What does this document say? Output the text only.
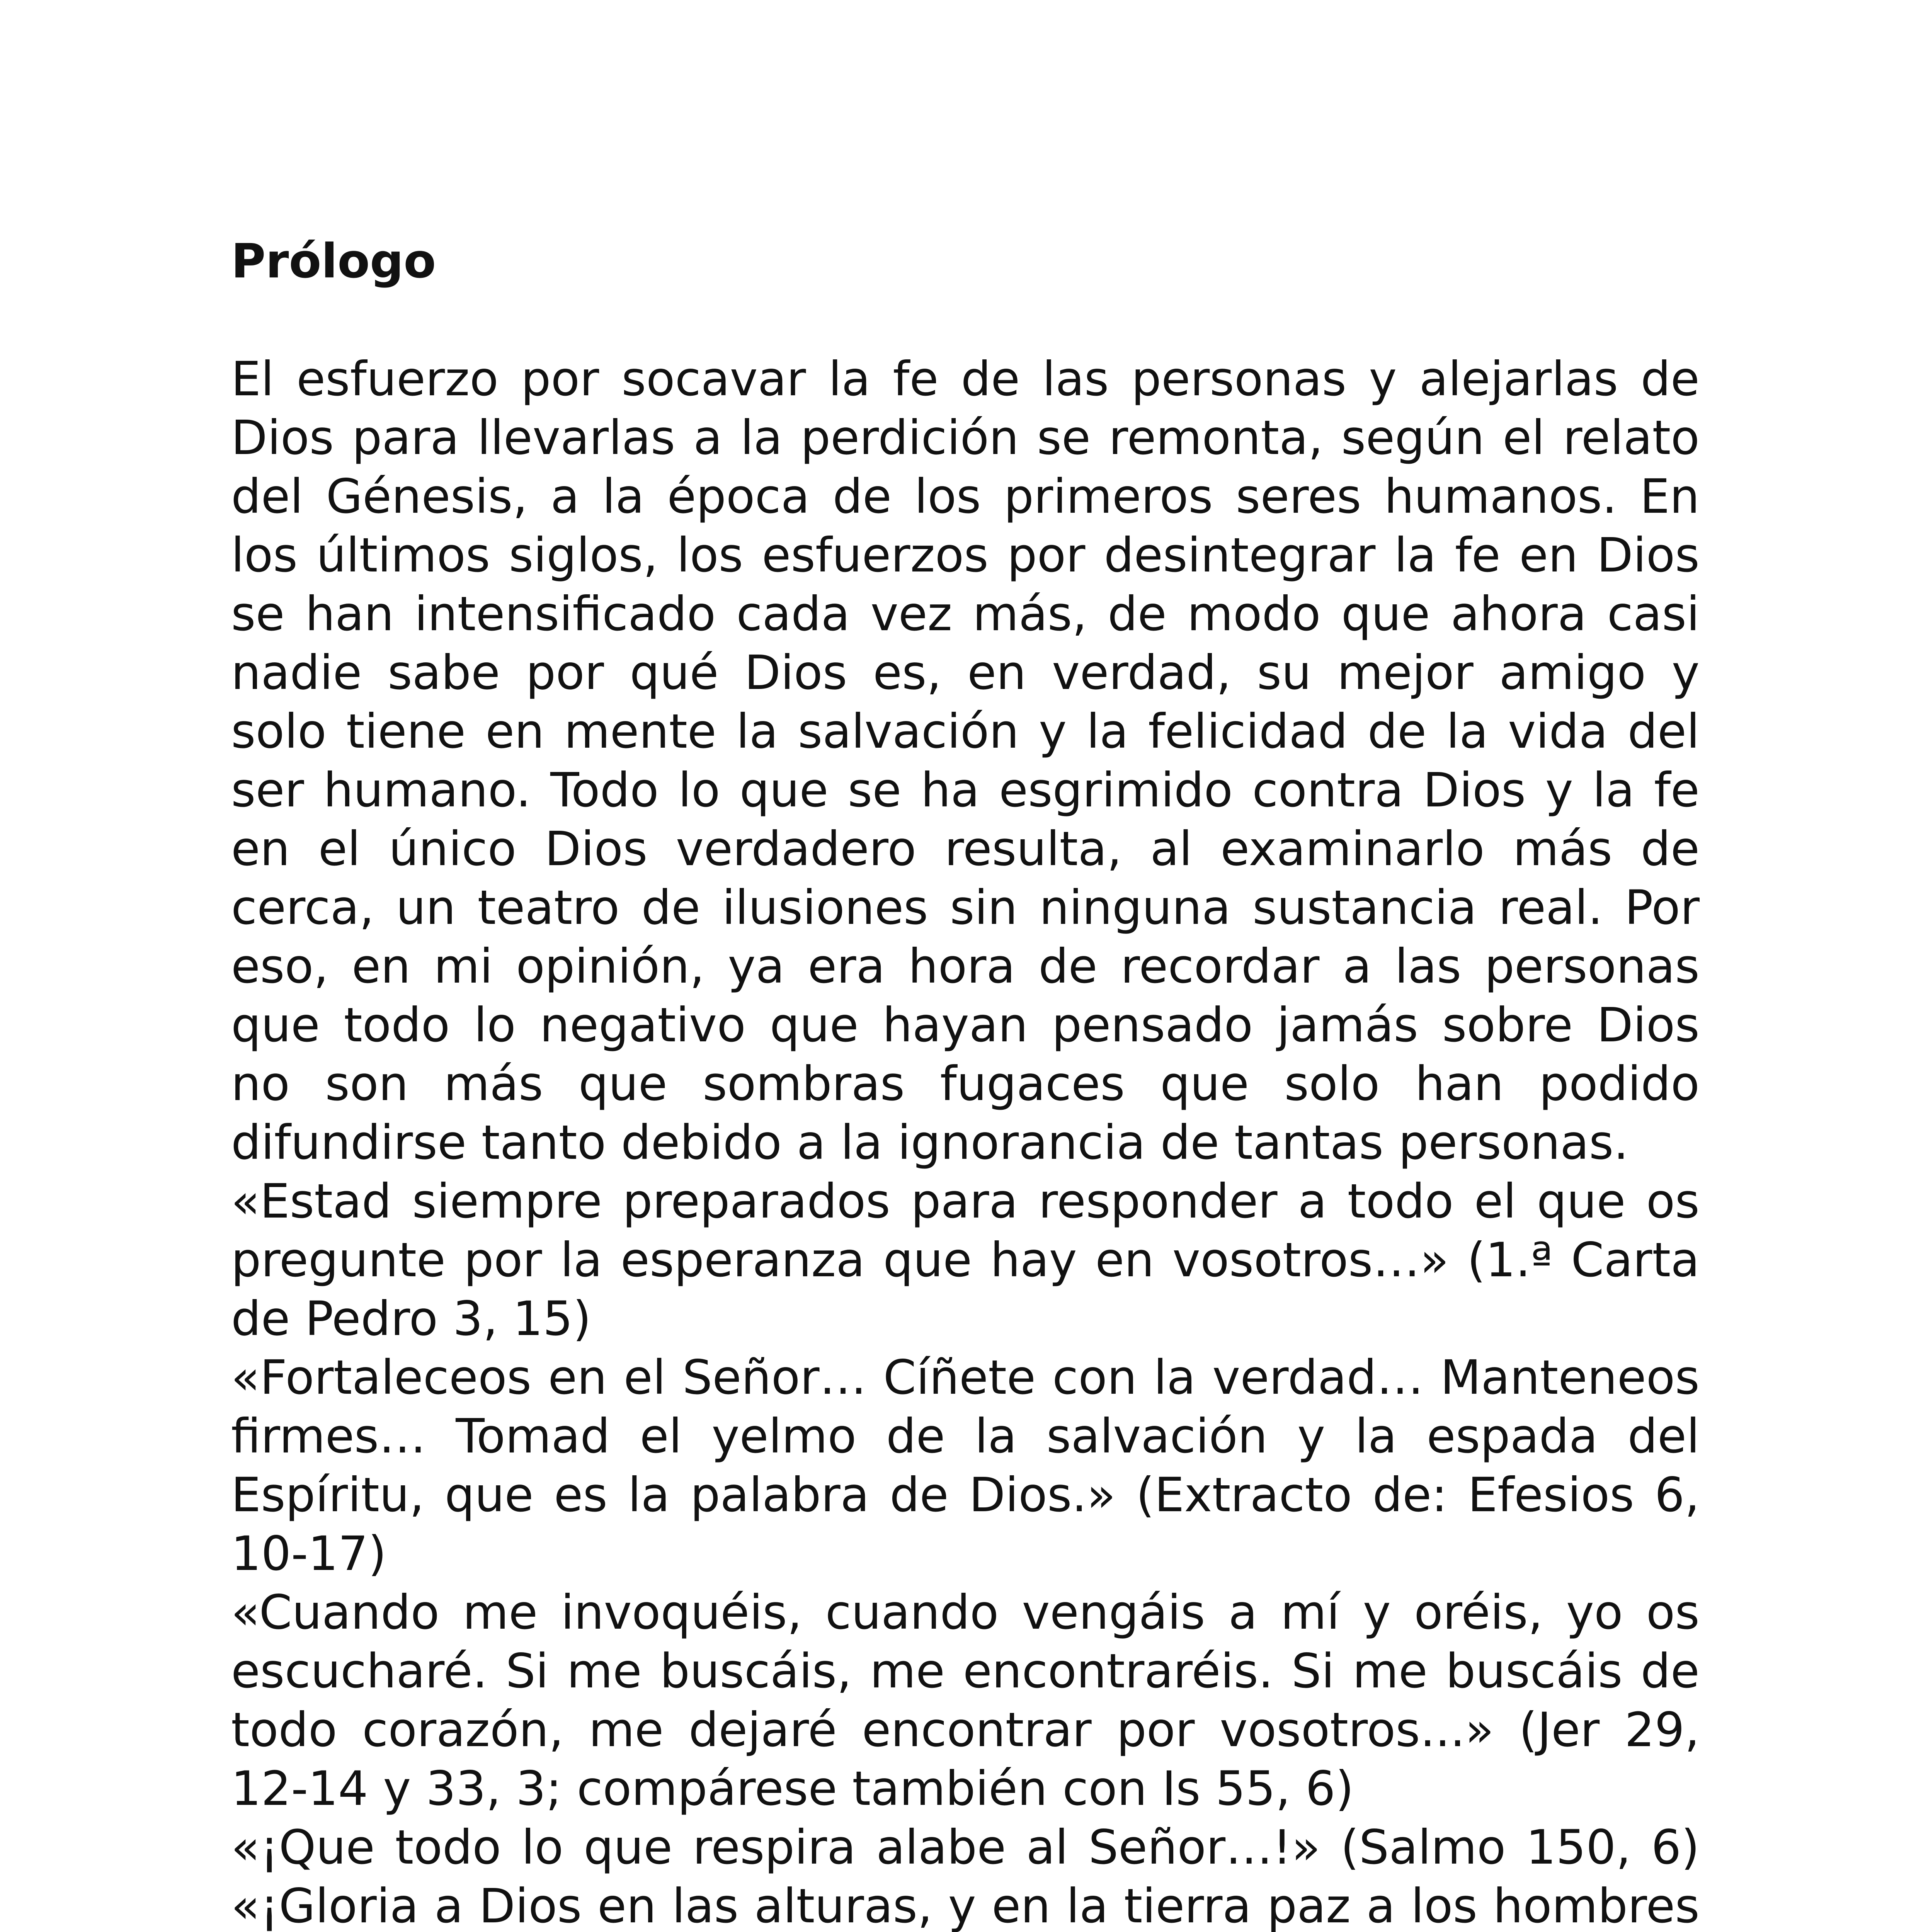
Prólogo
El esfuerzo por socavar la fe de las personas y alejarlas de
Dios para llevarlas a la perdición se remonta, según el relato
del Génesis, a la época de los primeros seres humanos. En
los últimos siglos, los esfuerzos por desintegrar la fe en Dios
se han intensificado cada vez más, de modo que ahora casi
nadie sabe por qué Dios es, en verdad, su mejor amigo y
solo tiene en mente la salvación y la felicidad de la vida del
ser humano. Todo lo que se ha esgrimido contra Dios y la fe
en el único Dios verdadero resulta, al examinarlo más de
cerca, un teatro de ilusiones sin ninguna sustancia real. Por
eso, en mi opinión, ya era hora de recordar a las personas
que todo lo negativo que hayan pensado jamás sobre Dios
no son más que sombras fugaces que solo han podido
difundirse tanto debido a la ignorancia de tantas personas.
«Estad siempre preparados para responder a todo el que os
pregunte por la esperanza que hay en vosotros…» (1.ª Carta
de Pedro 3, 15)
«Fortaleceos en el Señor… Cíñete con la verdad… Manteneos
firmes… Tomad el yelmo de la salvación y la espada del
Espíritu, que es la palabra de Dios.» (Extracto de: Efesios 6,
10-17)
«Cuando me invoquéis, cuando vengáis a mí y oréis, yo os
escucharé. Si me buscáis, me encontraréis. Si me buscáis de
todo corazón, me dejaré encontrar por vosotros...» (Jer 29,
12-14 y 33, 3; compárese también con Is 55, 6)
«¡Que todo lo que respira alabe al Señor…!» (Salmo 150, 6)
«¡Gloria a Dios en las alturas, y en la tierra paz a los hombres
